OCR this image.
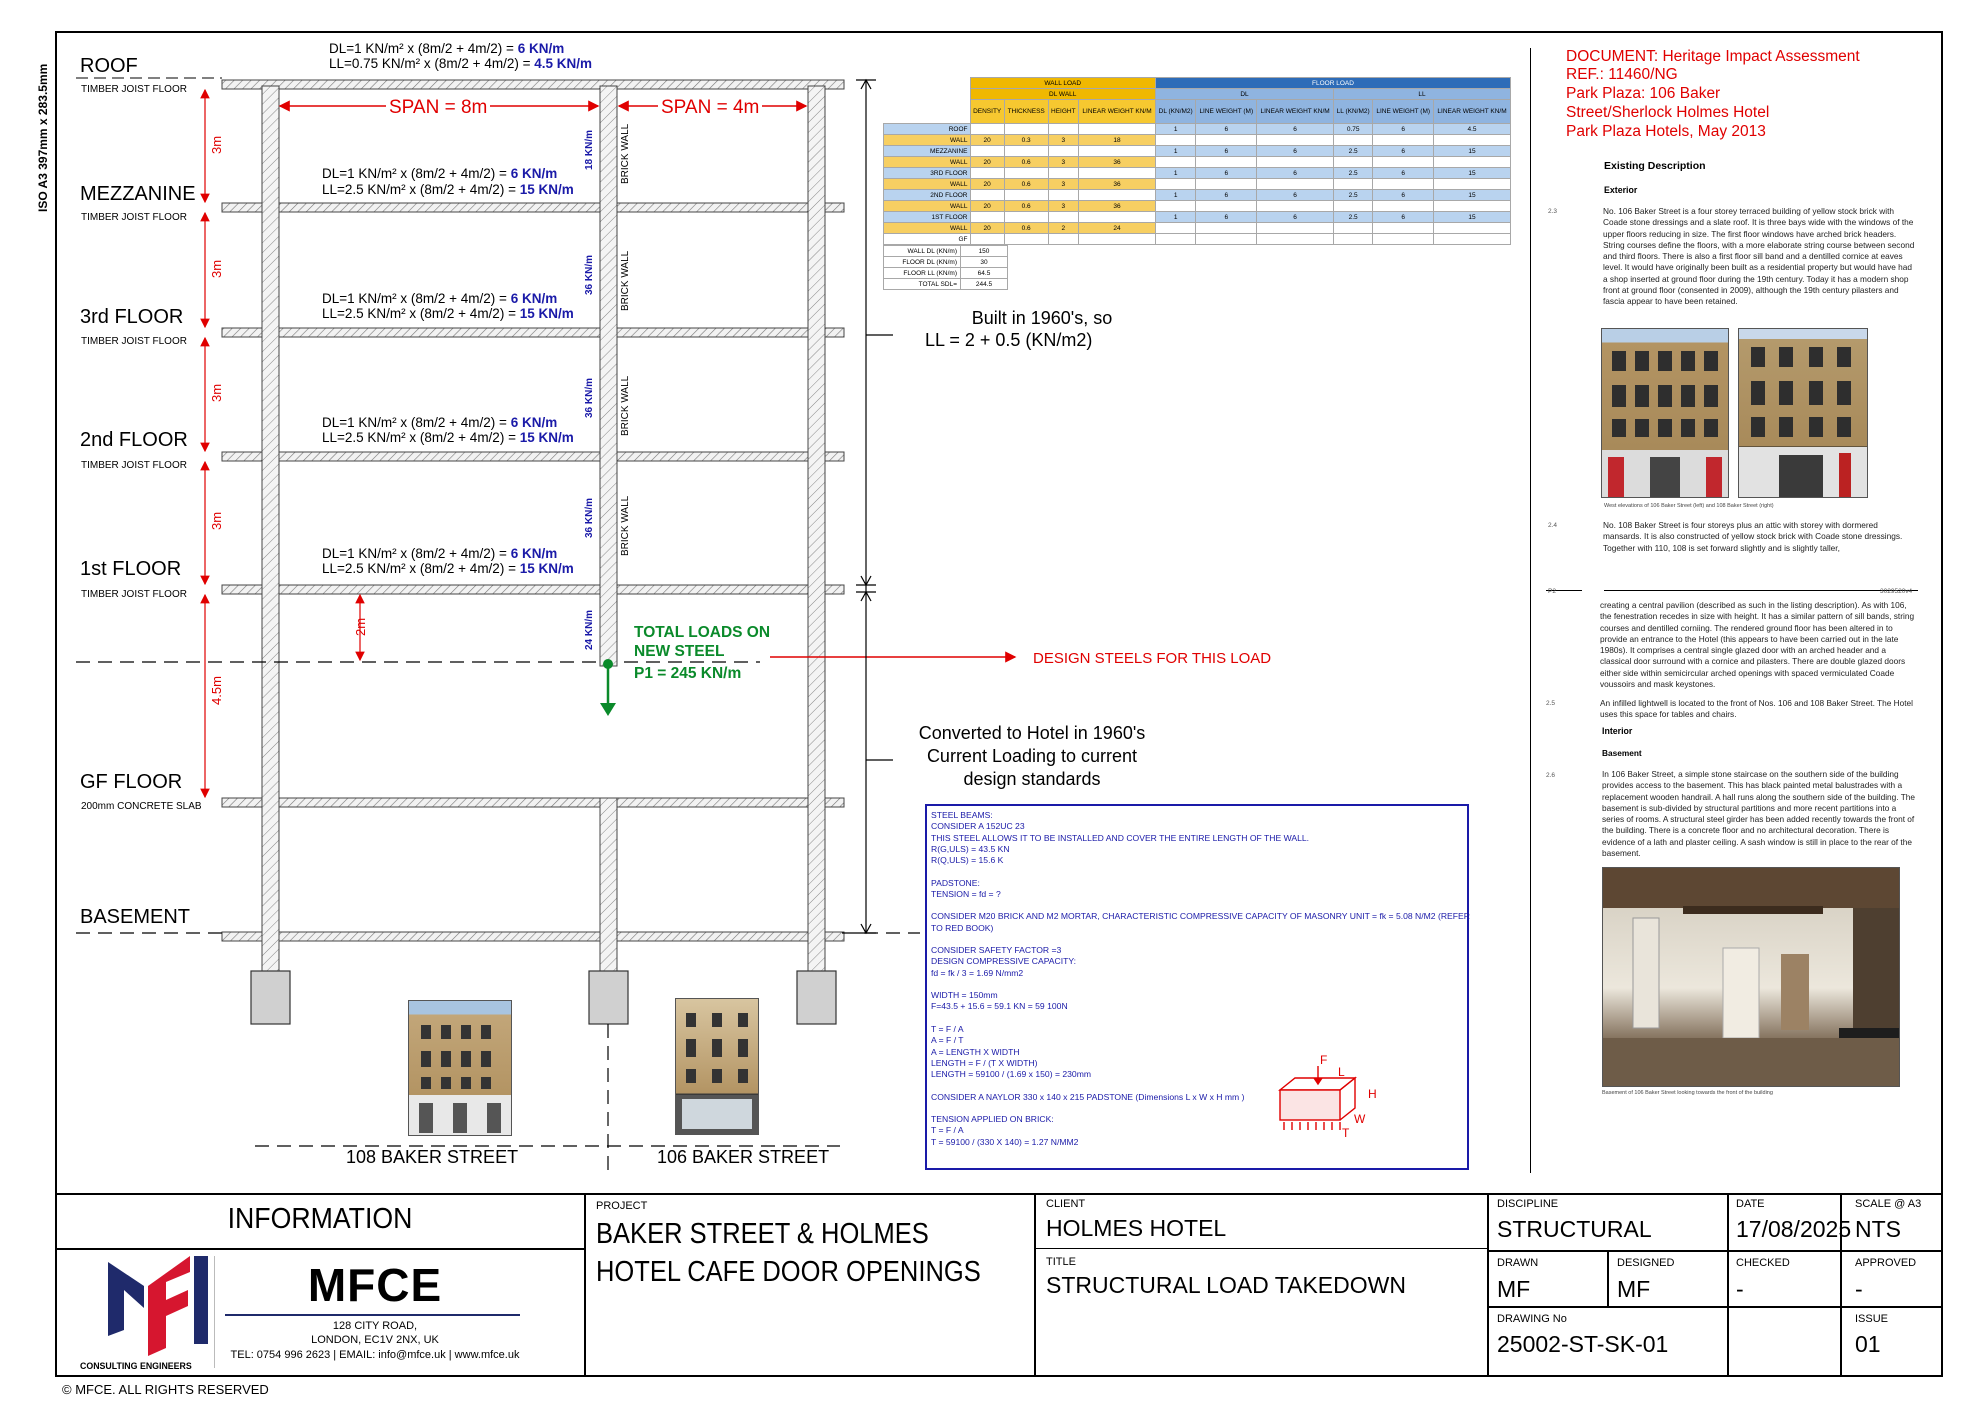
ISO A3 397mm x 283.5mm ROOF
TIMBER JOIST FLOOR
MEZZANINE
TIMBER JOIST FLOOR
3rd FLOOR
TIMBER JOIST FLOOR
2nd FLOOR
TIMBER JOIST FLOOR
1st FLOOR
TIMBER JOIST FLOOR
GF FLOOR
200mm CONCRETE SLAB
BASEMENT
3m
3m
3m
3m
2m
4.5m
SPAN = 8m	SPAN = 4m
DL=1 KN/m² x (8m/2 + 4m/2) = 6 KN/m
LL=0.75 KN/m² x (8m/2 + 4m/2) = 4.5 KN/m
DL=1 KN/m² x (8m/2 + 4m/2) = 6 KN/m
LL=2.5 KN/m² x (8m/2 + 4m/2) = 15 KN/m
DL=1 KN/m² x (8m/2 + 4m/2) = 6 KN/m
LL=2.5 KN/m² x (8m/2 + 4m/2) = 15 KN/m
DL=1 KN/m² x (8m/2 + 4m/2) = 6 KN/m
LL=2.5 KN/m² x (8m/2 + 4m/2) = 15 KN/m
DL=1 KN/m² x (8m/2 + 4m/2) = 6 KN/m
LL=2.5 KN/m² x (8m/2 + 4m/2) = 15 KN/m
18 KN/m
36 KN/m
36 KN/m
36 KN/m
24 KN/m
BRICK WALL
BRICK WALL
BRICK WALL
BRICK WALL
TOTAL LOADS ON
NEW STEEL
P1 = 245 KN/m
DESIGN STEELS FOR THIS LOAD
Built in 1960's, so
LL = 2 + 0.5 (KN/m2)
Converted to Hotel in 1960's
Current Loading to current
design standards
108 BAKER STREET	106 BAKER STREET
	WALL LOAD				FLOOR LOAD					
	DL WALL				DL			LL		
	DENSITY	THICKNESS	HEIGHT	LINEAR WEIGHT KN/M	DL (KN/M2)	LINE WEIGHT (M)	LINEAR WEIGHT KN/M	LL (KN/M2)	LINE WEIGHT (M)	LINEAR WEIGHT KN/M
ROOF					1	6	6	0.75	6	4.5
WALL	20	0.3	3	18						
MEZZANINE					1	6	6	2.5	6	15
WALL	20	0.6	3	36						
3RD FLOOR					1	6	6	2.5	6	15
WALL	20	0.6	3	36						
2ND FLOOR					1	6	6	2.5	6	15
WALL	20	0.6	3	36						
1ST FLOOR					1	6	6	2.5	6	15
WALL	20	0.6	2	24						
GF										
WALL DL (KN/m)	150
FLOOR DL (KN/m)	30
FLOOR LL (KN/m)	64.5
TOTAL SDL=	244.5
STEEL BEAMS:
CONSIDER A 152UC 23
THIS STEEL ALLOWS IT TO BE INSTALLED AND COVER THE ENTIRE LENGTH OF THE WALL.
R(G,ULS) = 43.5 KN
R(Q,ULS) = 15.6 K
PADSTONE:
TENSION = fd = ?
CONSIDER M20 BRICK AND M2 MORTAR, CHARACTERISTIC COMPRESSIVE CAPACITY OF MASONRY UNIT = fk = 5.08 N/M2 (REFER
TO RED BOOK)
CONSIDER SAFETY FACTOR =3
DESIGN COMPRESSIVE CAPACITY:
fd = fk / 3 = 1.69 N/mm2
WIDTH = 150mm
F=43.5 + 15.6 = 59.1 KN = 59 100N
T = F / A
A = F / T
A = LENGTH X WIDTH
LENGTH = F / (T X WIDTH)
LENGTH = 59100 / (1.69 x 150) = 230mm
CONSIDER A NAYLOR 330 x 140 x 215 PADSTONE (Dimensions L x W x H mm )
TENSION APPLIED ON BRICK:
T = F / A
T = 59100 / (330 X 140) = 1.27 N/MM2
F
L
H
W
T
DOCUMENT: Heritage Impact Assessment
REF.: 11460/NG
Park Plaza: 106 Baker
Street/Sherlock Holmes Hotel
Park Plaza Hotels, May 2013
Existing Description
Exterior
2.3	No. 106 Baker Street is a four storey terraced building of yellow stock brick with Coade stone dressings and a slate roof. It is three bays wide with the windows of the upper floors reducing in size. The first floor windows have arched brick headers. String courses define the floors, with a more elaborate string course between second and third floors. There is also a first floor sill band and a dentilled cornice at eaves level. It would have originally been built as a residential property but would have had a shop inserted at ground floor during the 19th century. Today it has a modern shop front at ground floor (consented in 2009), although the 19th century pilasters and fascia appear to have been retained.
West elevations of 106 Baker Street (left) and 108 Baker Street (right)
2.4	No. 108 Baker Street is four storeys plus an attic with storey with dormered mansards. It is also constructed of yellow stock brick with Coade stone dressings. Together with 110, 108 is set forward slightly and is slightly taller,
P2	3029520v4
creating a central pavilion (described as such in the listing description). As with 106, the fenestration recedes in size with height. It has a similar pattern of sill bands, string courses and dentilled corniing. The rendered ground floor has been altered in to provide an entrance to the Hotel (this appears to have been carried out in the late 1980s). It comprises a central single glazed door with an arched header and a classical door surround with a cornice and pilasters. There are double glazed doors either side within semicircular arched openings with spaced vermiculated Coade voussoirs and mask keystones.
2.5	An infilled lightwell is located to the front of Nos. 106 and 108 Baker Street. The Hotel uses this space for tables and chairs.
Interior
Basement
2.6	In 106 Baker Street, a simple stone staircase on the southern side of the building provides access to the basement. This has black painted metal balustrades with a replacement wooden handrail. A hall runs along the southern side of the building. The basement is sub-divided by structural partitions and more recent partitions into a series of rooms. A structural steel girder has been added recently towards the front of the building. There is a concrete floor and no architectural decoration. There is evidence of a lath and plaster ceiling. A sash window is still in place to the rear of the basement.
Basement of 106 Baker Street looking towards the front of the building
INFORMATION
CONSULTING ENGINEERS
MFCE
128 CITY ROAD,
LONDON, EC1V 2NX, UK
TEL: 0754 996 2623 | EMAIL: info@mfce.uk | www.mfce.uk
PROJECT
BAKER STREET & HOLMES
HOTEL CAFE DOOR OPENINGS
CLIENT
HOLMES HOTEL
TITLE
STRUCTURAL LOAD TAKEDOWN
DISCIPLINE
STRUCTURAL
DATE
17/08/2025
SCALE @ A3
NTS
DRAWN
MF
DESIGNED
MF
CHECKED
-
APPROVED
-
DRAWING No
25002-ST-SK-01
ISSUE
01
© MFCE. ALL RIGHTS RESERVED
